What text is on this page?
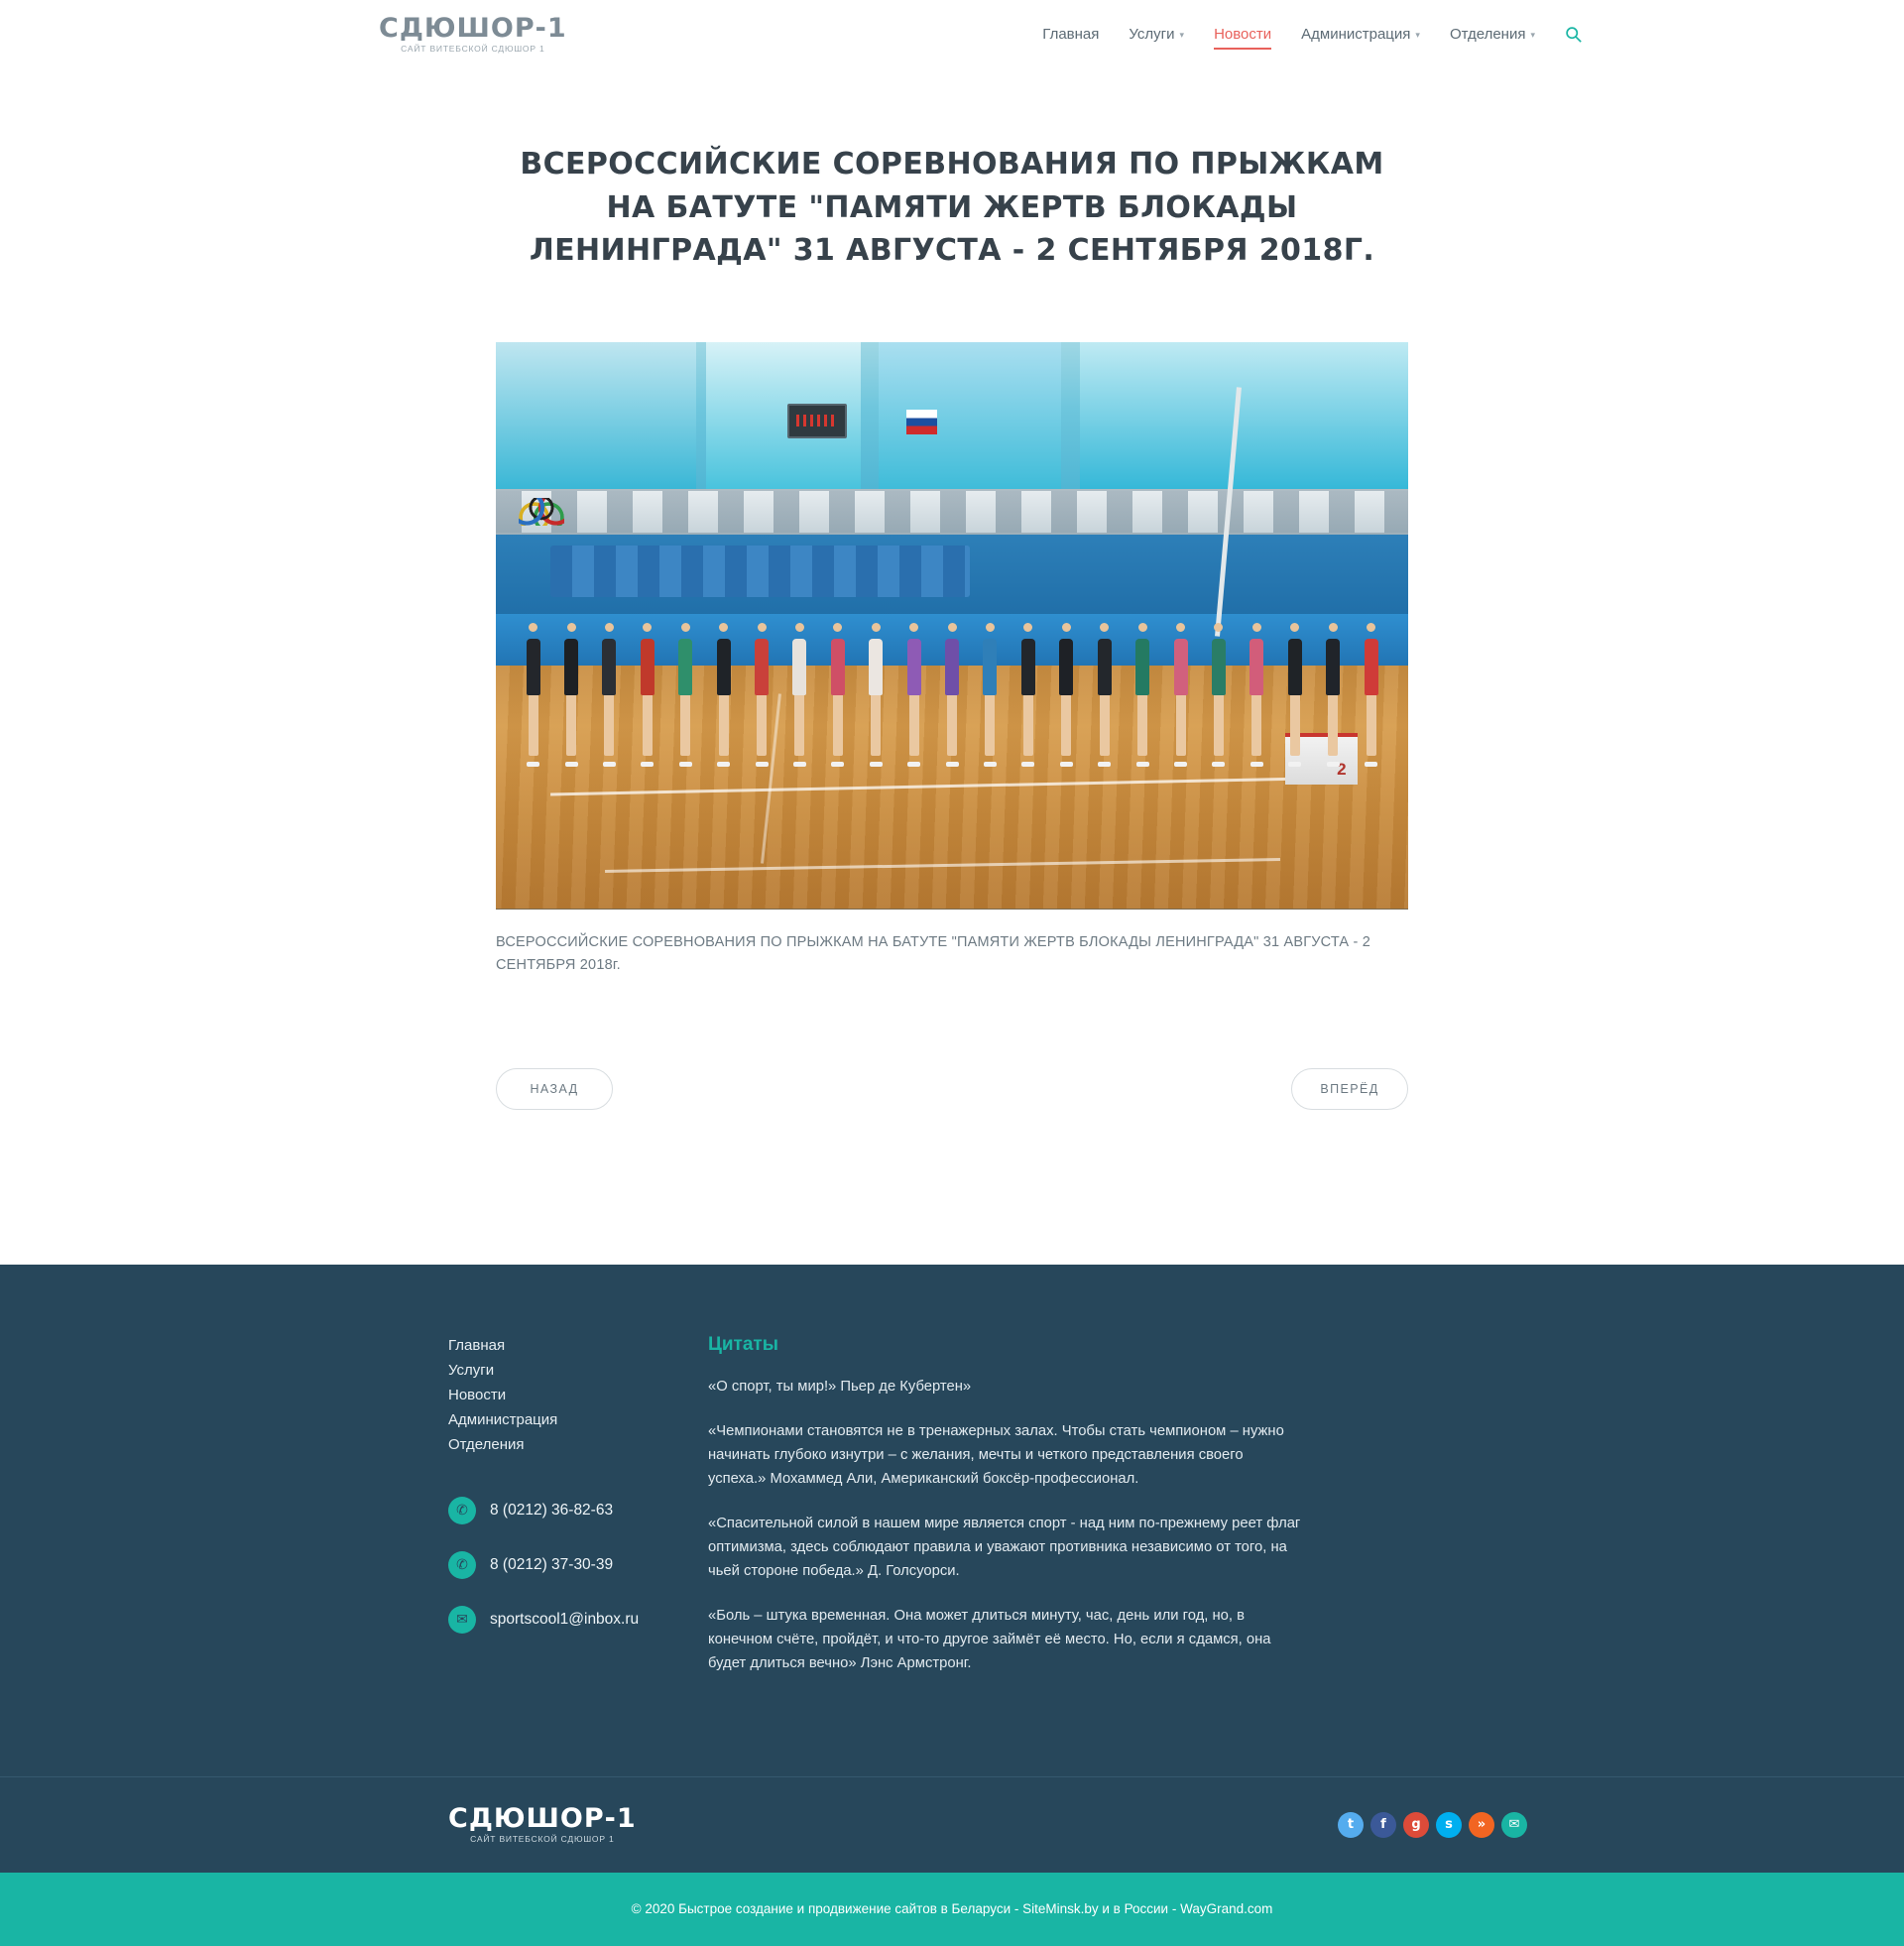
СДЮШОР-1
САЙТ ВИТЕБСКОЙ СДЮШОР 1
Главная Услуги ▾ Новости Администрация ▾ Отделения ▾
ВСЕРОССИЙСКИЕ СОРЕВНОВАНИЯ ПО ПРЫЖКАМ НА БАТУТЕ "ПАМЯТИ ЖЕРТВ БЛОКАДЫ ЛЕНИНГРАДА" 31 АВГУСТА - 2 СЕНТЯБРЯ 2018Г.
2
ВСЕРОССИЙСКИЕ СОРЕВНОВАНИЯ ПО ПРЫЖКАМ НА БАТУТЕ "ПАМЯТИ ЖЕРТВ БЛОКАДЫ ЛЕНИНГРАДА" 31 АВГУСТА - 2 СЕНТЯБРЯ 2018г.
НАЗАД	ВПЕРЁД
Главная
Услуги
Новости
Администрация
Отделения
✆	8 (0212) 36-82-63
✆	8 (0212) 37-30-39
✉	sportscool1@inbox.ru
Цитаты

«О спорт, ты мир!» Пьер де Кубертен»

«Чемпионами становятся не в тренажерных залах. Чтобы стать чемпионом – нужно начинать глубоко изнутри – с желания, мечты и четкого представления своего успеха.» Мохаммед Али, Американский боксёр-профессионал.

«Спасительной силой в нашем мире является спорт - над ним по-прежнему реет флаг оптимизма, здесь соблюдают правила и уважают противника независимо от того, на чьей стороне победа.» Д. Голсуорси.

«Боль – штука временная. Она может длиться минуту, час, день или год, но, в конечном счёте, пройдёт, и что-то другое займёт её место. Но, если я сдамся, она будет длиться вечно» Лэнс Армстронг.

СДЮШОР-1
САЙТ ВИТЕБСКОЙ СДЮШОР 1
t	f	g	s	»	✉
© 2020 Быстрое создание и продвижение сайтов в Беларуси - SiteMinsk.by и в России - WayGrand.com
